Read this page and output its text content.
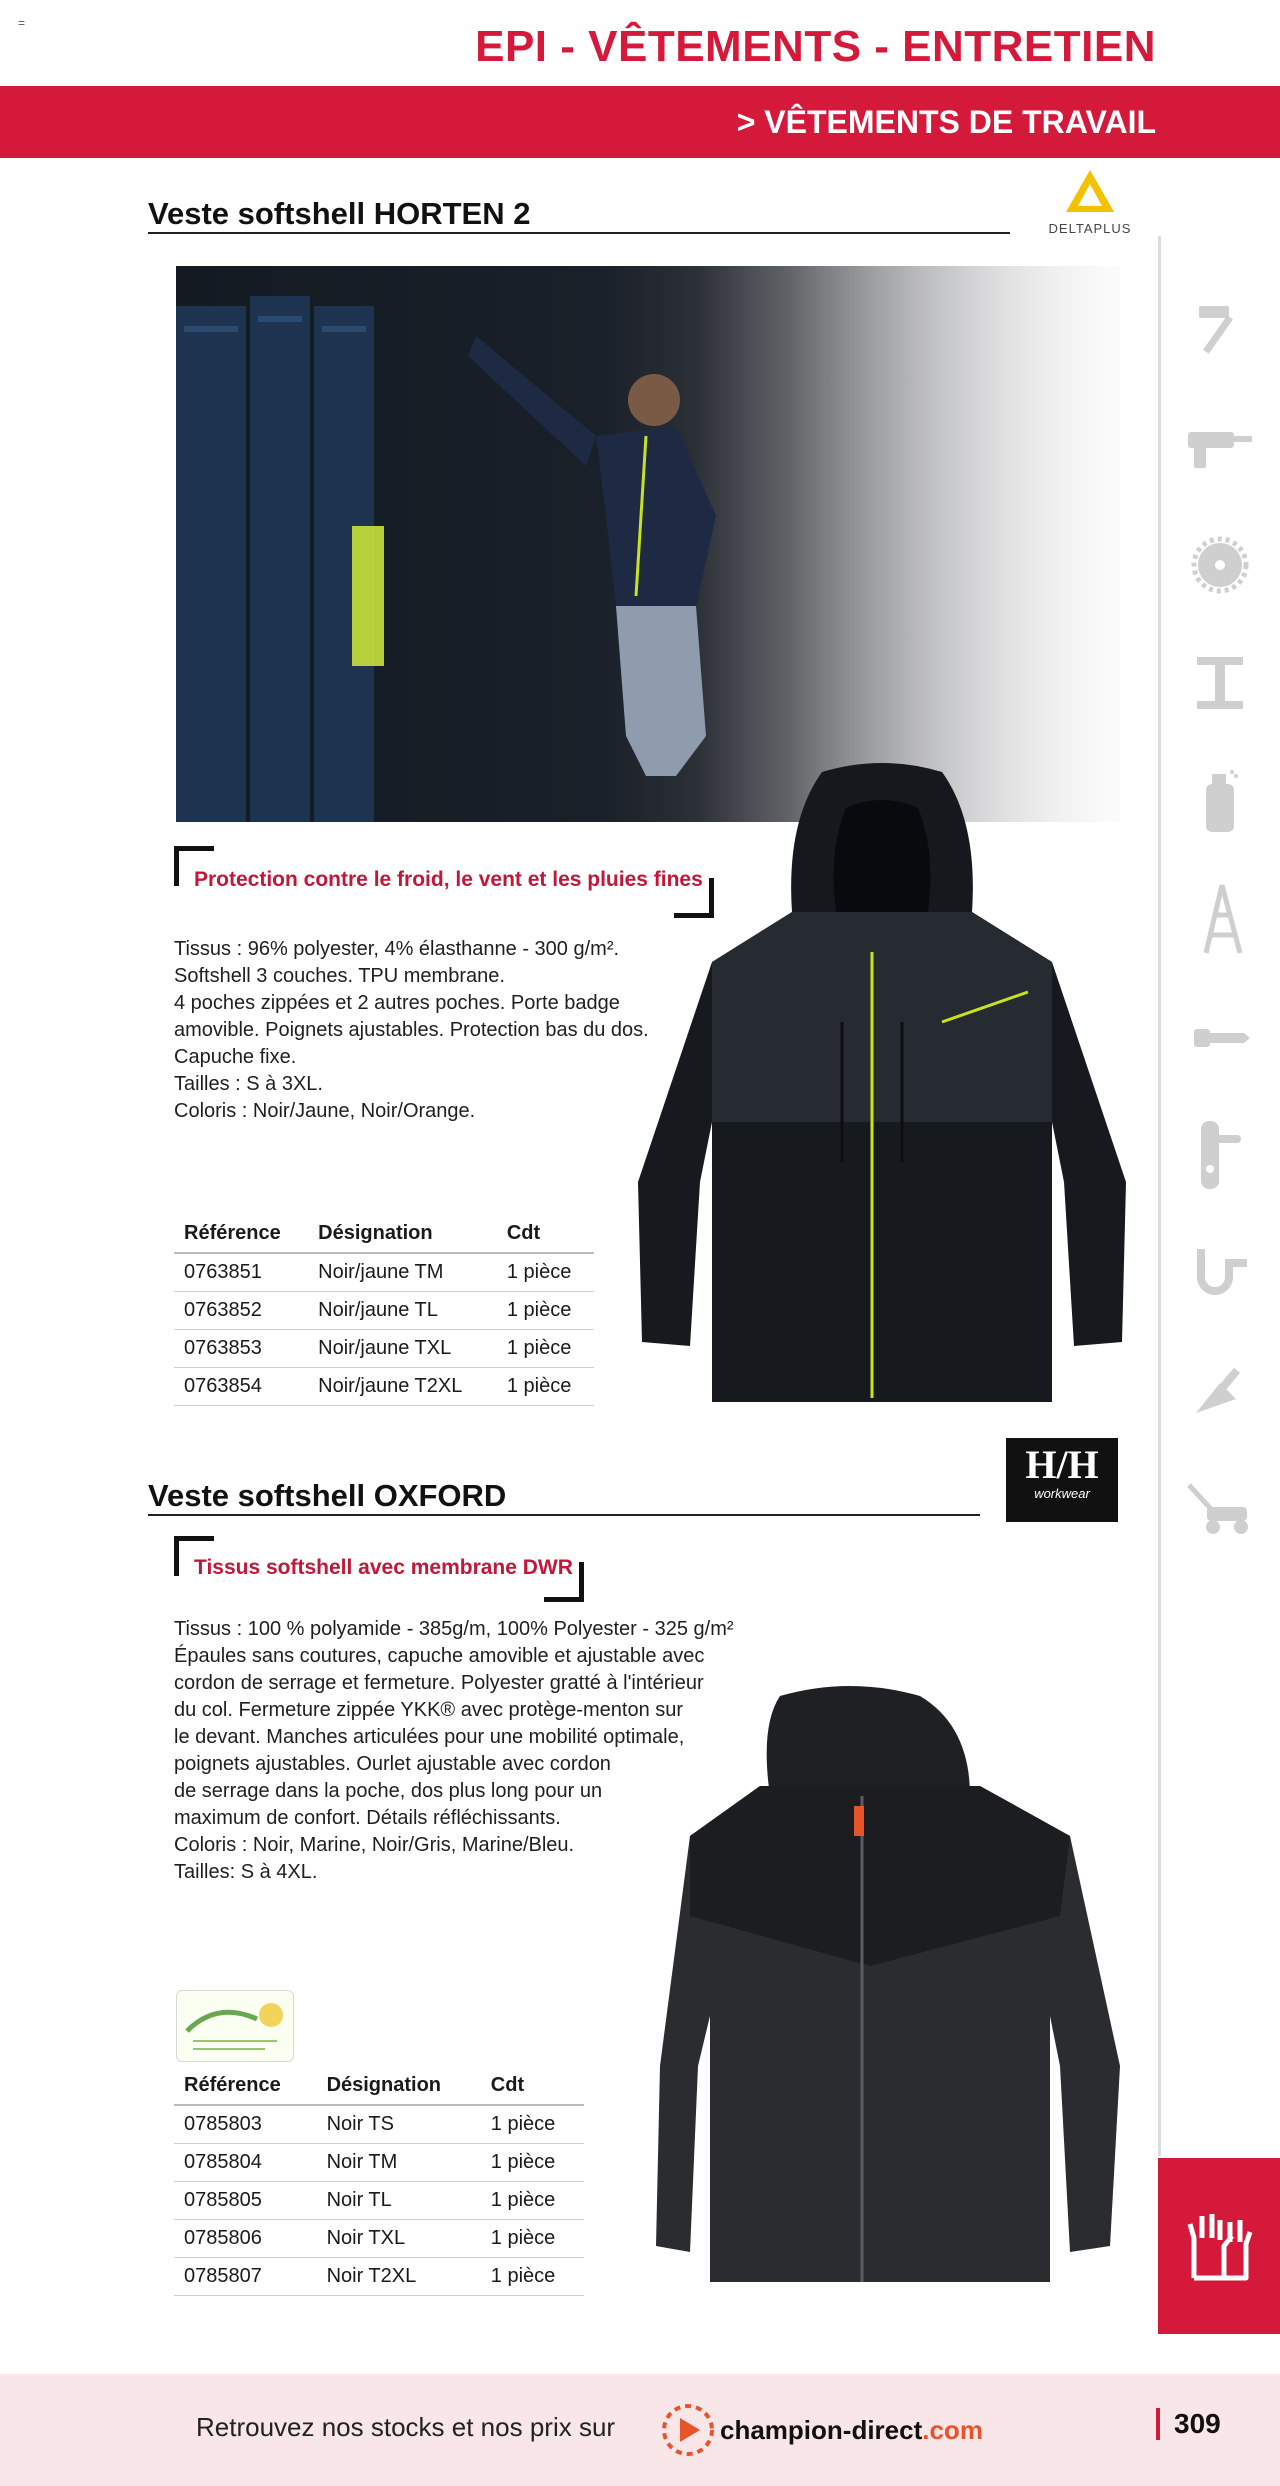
=	EPI - VÊTEMENTS - ENTRETIEN
> VÊTEMENTS DE TRAVAIL
Veste softshell HORTEN 2	DELTAPLUS
Protection contre le froid, le vent et les pluies fines

Tissus : 96% polyester, 4% élasthanne - 300 g/m².

Softshell 3 couches. TPU membrane.

4 poches zippées et 2 autres poches. Porte badge

amovible. Poignets ajustables. Protection bas du dos.

Capuche fixe.

Tailles : S à 3XL.

Coloris : Noir/Jaune, Noir/Orange.

Référence	Désignation	Cdt
0763851	Noir/jaune TM	1 pièce
0763852	Noir/jaune TL	1 pièce
0763853	Noir/jaune TXL	1 pièce
0763854	Noir/jaune T2XL	1 pièce
Veste softshell OXFORD
H/H
workwear
Tissus softshell avec membrane DWR

Tissus : 100 % polyamide - 385g/m, 100% Polyester - 325 g/m²

Épaules sans coutures, capuche amovible et ajustable avec

cordon de serrage et fermeture. Polyester gratté à l'intérieur

du col. Fermeture zippée YKK® avec protège-menton sur

le devant. Manches articulées pour une mobilité optimale,

poignets ajustables. Ourlet ajustable avec cordon

de serrage dans la poche, dos plus long pour un

maximum de confort. Détails réfléchissants.

Coloris : Noir, Marine, Noir/Gris, Marine/Bleu.

Tailles: S à 4XL.

Référence	Désignation	Cdt
0785803	Noir TS	1 pièce
0785804	Noir TM	1 pièce
0785805	Noir TL	1 pièce
0785806	Noir TXL	1 pièce
0785807	Noir T2XL	1 pièce
Retrouvez nos stocks et nos prix sur	champion-direct.com	309
